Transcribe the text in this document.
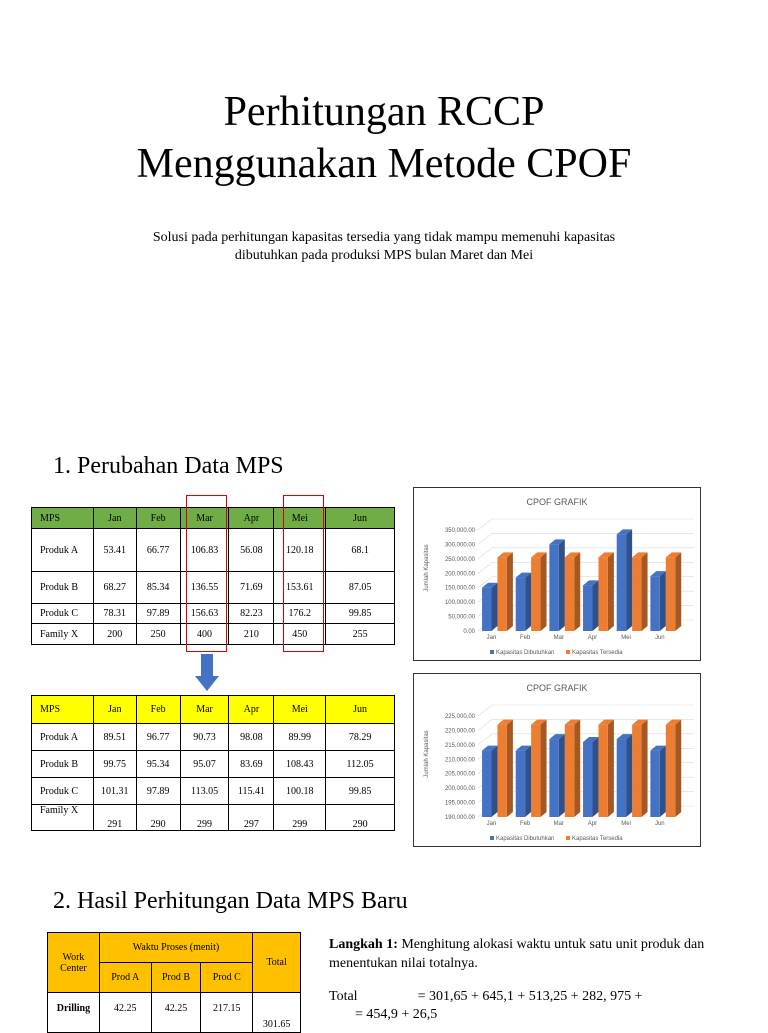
Perhitungan RCCP
Menggunakan Metode CPOF
Solusi pada perhitungan kapasitas tersedia yang tidak mampu memenuhi kapasitas
dibutuhkan pada produksi MPS bulan Maret dan Mei
1. Perubahan Data MPS
MPS	Jan	Feb	Mar	Apr	Mei	Jun
Produk A	53.41	66.77	106.83	56.08	120.18	68.1
Produk B	68.27	85.34	136.55	71.69	153.61	87.05
Produk C	78.31	97.89	156.63	82.23	176.2	99.85
Family X	200	250	400	210	450	255
MPS	Jan	Feb	Mar	Apr	Mei	Jun
Produk A	89.51	96.77	90.73	98.08	89.99	78.29
Produk B	99.75	95.34	95.07	83.69	108.43	112.05
Produk C	101.31	97.89	113.05	115.41	100.18	99.85
Family X	291	290	299	297	299	290
CPOF GRAFIK
Jumlah Kapasitas
0.00
50,000.00
100,000.00
150,000.00
200,000.00
250,000.00
300,000.00
350,000.00
Jan	Feb	Mar	Apr	Mei	Jun
Kapasitas Dibutuhkan	Kapasitas Tersedia
CPOF GRAFIK
Jumlah Kapasitas
190,000.00
195,000.00
200,000.00
205,000.00
210,000.00
215,000.00
220,000.00
225,000.00
Jan	Feb	Mar	Apr	Mei	Jun
Kapasitas Dibutuhkan	Kapasitas Tersedia
2. Hasil Perhitungan Data MPS Baru
Work Center	Waktu Proses (menit)			Total
	Prod A	Prod B	Prod C	
Drilling	42.25	42.25	217.15	301.65
Langkah 1: Menghitung alokasi waktu untuk satu unit produk dan menentukan nilai totalnya.
Total	= 301,65 + 645,1 + 513,25 + 282, 975 +
= 454,9 + 26,5
